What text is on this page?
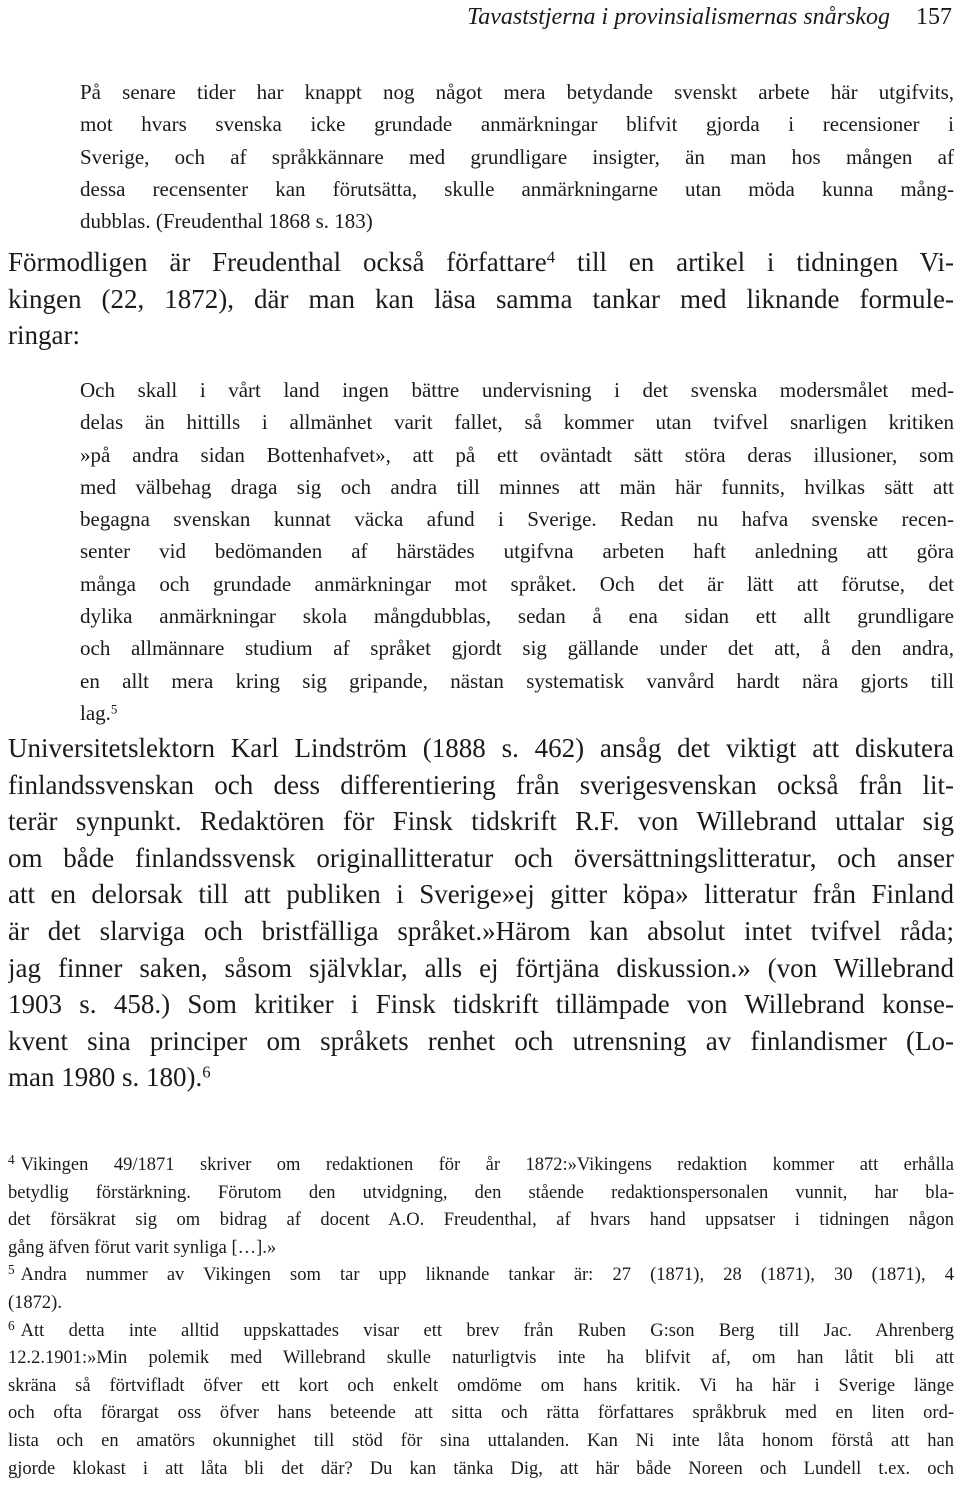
Tavaststjerna i provinsialismernas snårskog 157
På senare tider har knappt nog något mera betydande svenskt arbete här utgifvits,
mot hvars svenska icke grundade anmärkningar blifvit gjorda i recensioner i
Sverige, och af språkkännare med grundligare insigter, än man hos mången af
dessa recensenter kan förutsätta, skulle anmärkningarne utan möda kunna mång-
dubblas. (Freudenthal 1868 s. 183)
Förmodligen är Freudenthal också författare$^4$ till en artikel i tidningen Vi-
kingen (22, 1872), där man kan läsa samma tankar med liknande formule-
ringar:
Och skall i vårt land ingen bättre undervisning i det svenska modersmålet med-
delas än hittills i allmänhet varit fallet, så kommer utan tvifvel snarligen kritiken
»på andra sidan Bottenhafvet», att på ett oväntadt sätt störa deras illusioner, som
med välbehag draga sig och andra till minnes att män här funnits, hvilkas sätt att
begagna svenskan kunnat väcka afund i Sverige. Redan nu hafva svenske recen-
senter vid bedömanden af härstädes utgifvna arbeten haft anledning att göra
många och grundade anmärkningar mot språket. Och det är lätt att förutse, det
dylika anmärkningar skola mångdubblas, sedan å ena sidan ett allt grundligare
och allmännare studium af språket gjordt sig gällande under det att, å den andra,
en allt mera kring sig gripande, nästan systematisk vanvård hardt nära gjorts till
lag.$^5$
Universitetslektorn Karl Lindström (1888 s. 462) ansåg det viktigt att diskutera
finlandssvenskan och dess differentiering från sverigesvenskan också från lit-
terär synpunkt. Redaktören för Finsk tidskrift R.F. von Willebrand uttalar sig
om både finlandssvensk originallitteratur och översättningslitteratur, och anser
att en delorsak till att publiken i Sverige»ej gitter köpa» litteratur från Finland
är det slarviga och bristfälliga språket.»Härom kan absolut intet tvifvel råda;
jag finner saken, såsom självklar, alls ej förtjäna diskussion.» (von Willebrand
1903 s. 458.) Som kritiker i Finsk tidskrift tillämpade von Willebrand konse-
kvent sina principer om språkets renhet och utrensning av finlandismer (Lo-
man 1980 s. 180).$^6$
$^4$ Vikingen 49/1871 skriver om redaktionen för år 1872:»Vikingens redaktion kommer att erhålla
betydlig förstärkning. Förutom den utvidgning, den stående redaktionspersonalen vunnit, har bla-
det försäkrat sig om bidrag af docent A.O. Freudenthal, af hvars hand uppsatser i tidningen någon
gång äfven förut varit synliga […].»
$^5$ Andra nummer av Vikingen som tar upp liknande tankar är: 27 (1871), 28 (1871), 30 (1871), 4
(1872).
$^6$ Att detta inte alltid uppskattades visar ett brev från Ruben G:son Berg till Jac. Ahrenberg
12.2.1901:»Min polemik med Willebrand skulle naturligtvis inte ha blifvit af, om han låtit bli att
skräna så förtvifladt öfver ett kort och enkelt omdöme om hans kritik. Vi ha här i Sverige länge
och ofta förargat oss öfver hans beteende att sitta och rätta författares språkbruk med en liten ord-
lista och en amatörs okunnighet till stöd för sina uttalanden. Kan Ni inte låta honom förstå att han
gjorde klokast i att låta bli det där? Du kan tänka Dig, att här både Noreen och Lundell t.ex. och
